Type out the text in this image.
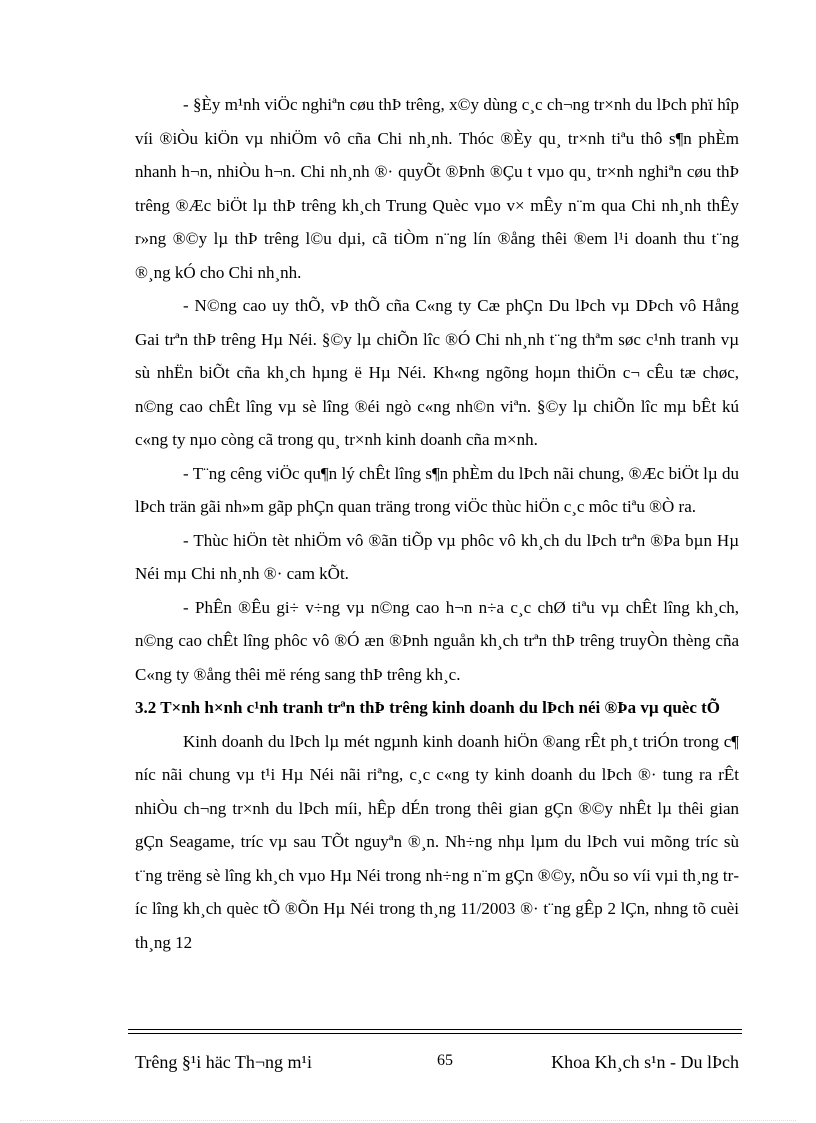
- §Èy m¹nh viÖc nghiªn cøu thÞ trêng, x©y dùng c¸c ch¬ng tr×nh du lÞch phï hîp víi ®iÒu kiÖn vµ nhiÖm vô cña Chi nh¸nh. Thóc ®Èy qu¸ tr×nh tiªu thô s¶n phÈm nhanh h¬n, nhiÒu h¬n. Chi nh¸nh ®· quyÕt ®Þnh ®Çu t vµo qu¸ tr×nh nghiªn cøu thÞ trêng ®Æc biÖt lµ thÞ trêng kh¸ch Trung Quèc vµo v× mÊy n¨m qua Chi nh¸nh thÊy r»ng ®©y lµ thÞ trêng l©u dµi, cã tiÒm n¨ng lín ®ång thêi ®em l¹i doanh thu t¨ng ®¸ng kÓ cho Chi nh¸nh.

- N©ng cao uy thÕ, vÞ thÕ cña C«ng ty Cæ phÇn Du lÞch vµ DÞch vô Hång Gai trªn thÞ trêng Hµ Néi. §©y lµ chiÕn lîc ®Ó Chi nh¸nh t¨ng thªm søc c¹nh tranh vµ sù nhËn biÕt cña kh¸ch hµng ë Hµ Néi. Kh«ng ngõng hoµn thiÖn c¬ cÊu tæ chøc, n©ng cao chÊt lîng vµ sè lîng ®éi ngò c«ng nh©n viªn. §©y lµ chiÕn lîc mµ bÊt kú c«ng ty nµo còng cã trong qu¸ tr×nh kinh doanh cña m×nh.

- T¨ng cêng viÖc qu¶n lý chÊt lîng s¶n phÈm du lÞch nãi chung, ®Æc biÖt lµ du lÞch trän gãi nh»m gãp phÇn quan träng trong viÖc thùc hiÖn c¸c môc tiªu ®Ò ra.

- Thùc hiÖn tèt nhiÖm vô ®ãn tiÕp vµ phôc vô kh¸ch du lÞch trªn ®Þa bµn Hµ Néi mµ Chi nh¸nh ®· cam kÕt.

- PhÊn ®Êu gi÷ v÷ng vµ n©ng cao h¬n n÷a c¸c chØ tiªu vµ chÊt lîng kh¸ch, n©ng cao chÊt lîng phôc vô ®Ó æn ®Þnh nguån kh¸ch trªn thÞ trêng truyÒn thèng cña C«ng ty ®ång thêi më réng sang thÞ trêng kh¸c.

3.2 T×nh h×nh c¹nh tranh trªn thÞ trêng kinh doanh du lÞch néi ®Þa vµ quèc tÕ

Kinh doanh du lÞch lµ mét ngµnh kinh doanh hiÖn ®ang rÊt ph¸t triÓn trong c¶ níc nãi chung vµ t¹i Hµ Néi nãi riªng, c¸c c«ng ty kinh doanh du lÞch ®· tung ra rÊt nhiÒu ch¬ng tr×nh du lÞch míi, hÊp dÉn trong thêi gian gÇn ®©y nhÊt lµ thêi gian gÇn Seagame, tríc vµ sau TÕt nguyªn ®¸n. Nh÷ng nhµ lµm du lÞch vui mõng tríc sù t¨ng trëng sè lîng kh¸ch vµo Hµ Néi trong nh÷ng n¨m gÇn ®©y, nÕu so víi vµi th¸ng tríc lîng kh¸ch quèc tÕ ®Õn Hµ Néi trong th¸ng 11/2003 ®· t¨ng gÊp 2 lÇn, nhng tõ cuèi th¸ng 12

Trêng §¹i häc Th¬ng m¹i	65	Khoa Kh¸ch s¹n - Du lÞch
